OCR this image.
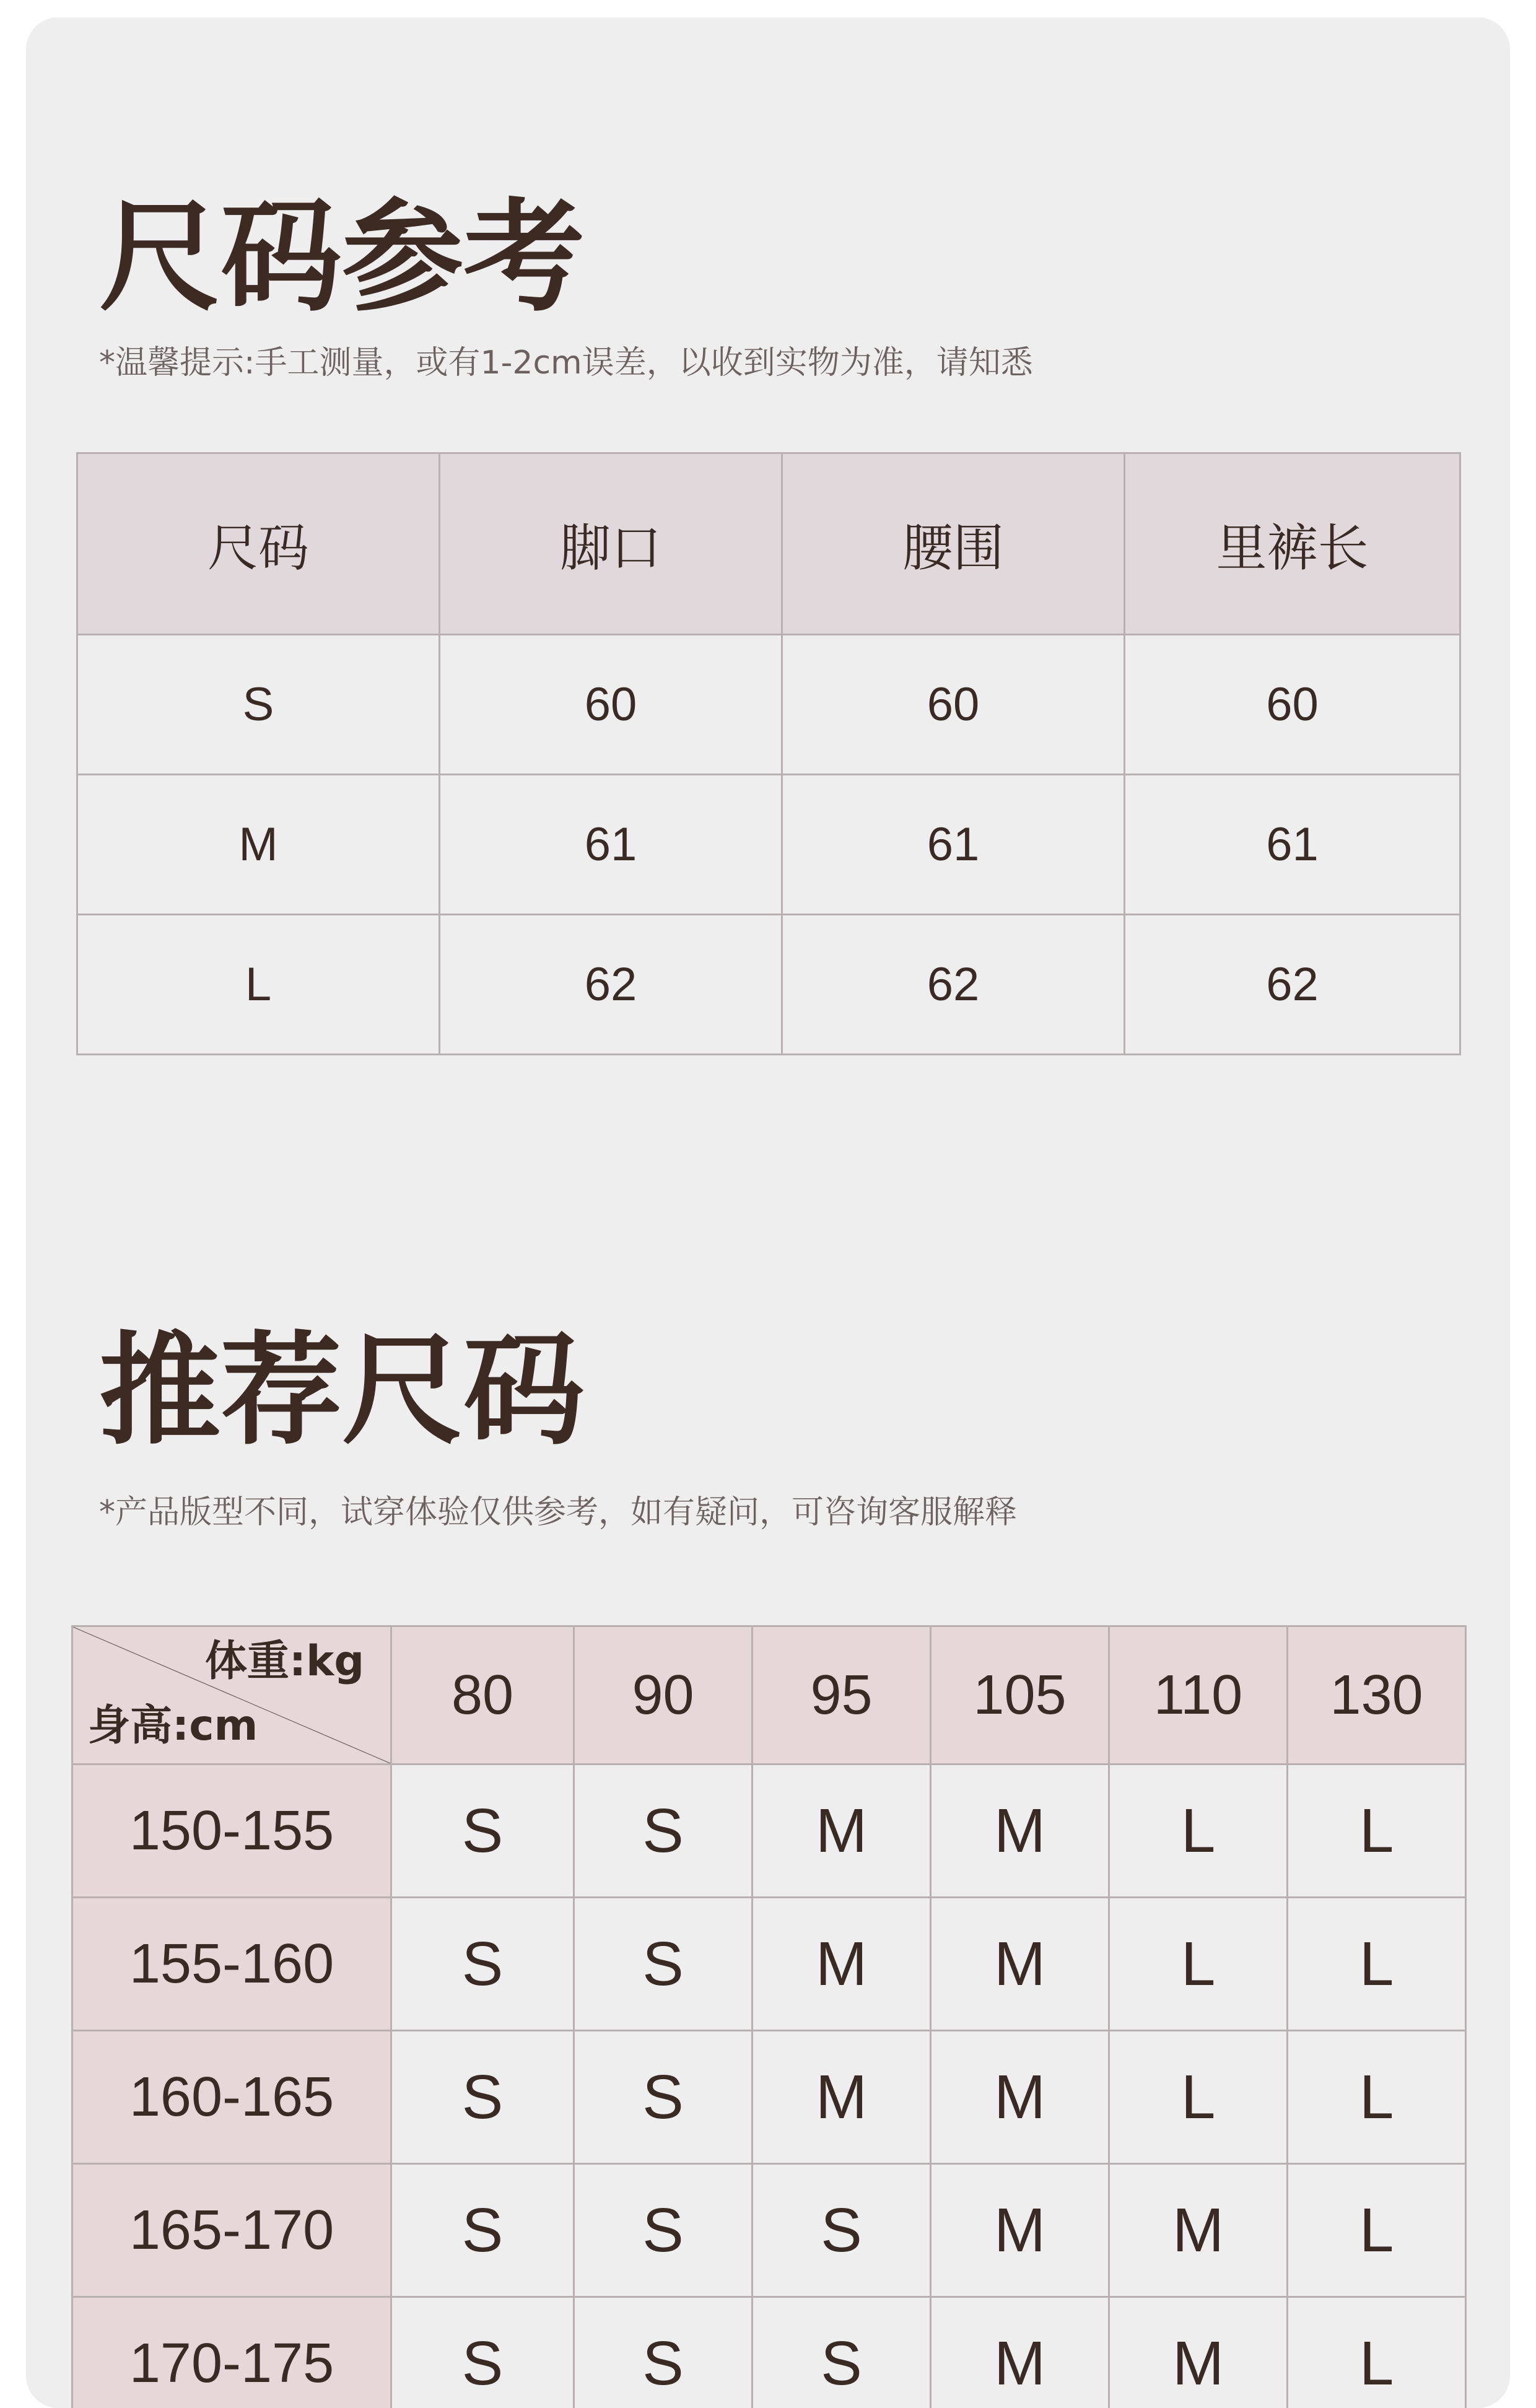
尺码参考

*温馨提示:手工测量，或有1-2cm误差，以收到实物为准，请知悉

尺码	脚口	腰围	里裤长
S	60	60	60
M	61	61	61
L	62	62	62
推荐尺码

*产品版型不同，试穿体验仅供参考，如有疑问，可咨询客服解释

体重:kg
身高:cm	80	90	95	105	110	130
150-155	S	S	M	M	L	L
155-160	S	S	M	M	L	L
160-165	S	S	M	M	L	L
165-170	S	S	S	M	M	L
170-175	S	S	S	M	M	L
